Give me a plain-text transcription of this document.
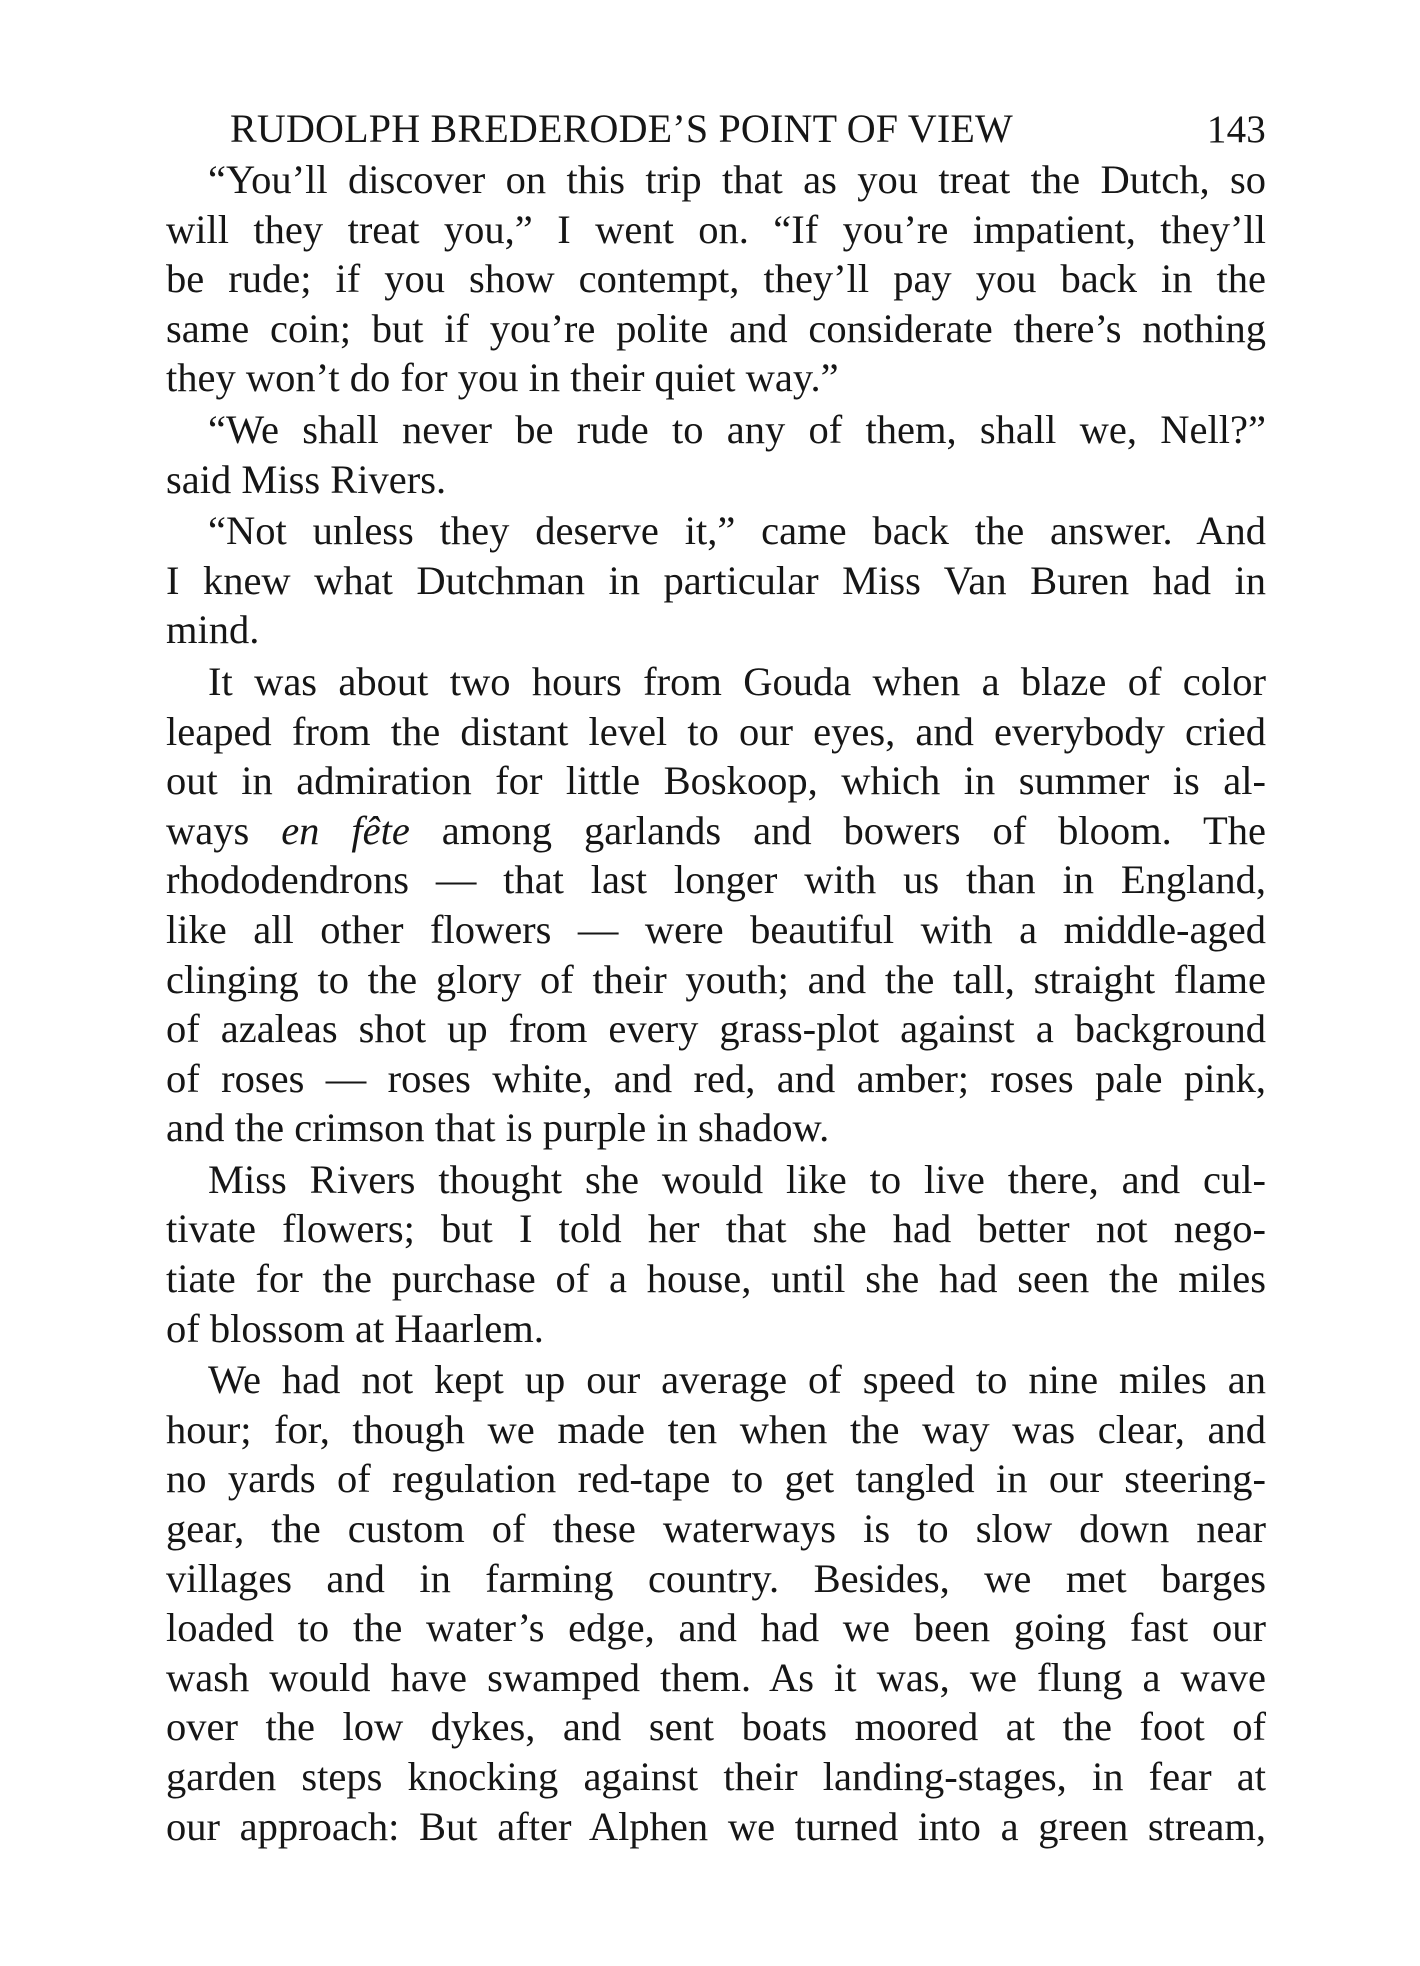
RUDOLPH BREDERODE’S POINT OF VIEW	143
“You’ll discover on this trip that as you treat the Dutch, so
will they treat you,” I went on. “If you’re impatient, they’ll
be rude; if you show contempt, they’ll pay you back in the
same coin; but if you’re polite and considerate there’s nothing
they won’t do for you in their quiet way.”
“We shall never be rude to any of them, shall we, Nell?”
said Miss Rivers.
“Not unless they deserve it,” came back the answer. And
I knew what Dutchman in particular Miss Van Buren had in
mind.
It was about two hours from Gouda when a blaze of color
leaped from the distant level to our eyes, and everybody cried
out in admiration for little Boskoop, which in summer is al-
ways en fête among garlands and bowers of bloom. The
rhododendrons — that last longer with us than in England,
like all other flowers — were beautiful with a middle-aged
clinging to the glory of their youth; and the tall, straight flame
of azaleas shot up from every grass-plot against a background
of roses — roses white, and red, and amber; roses pale pink,
and the crimson that is purple in shadow.
Miss Rivers thought she would like to live there, and cul-
tivate flowers; but I told her that she had better not nego-
tiate for the purchase of a house, until she had seen the miles
of blossom at Haarlem.
We had not kept up our average of speed to nine miles an
hour; for, though we made ten when the way was clear, and
no yards of regulation red-tape to get tangled in our steering-
gear, the custom of these waterways is to slow down near
villages and in farming country. Besides, we met barges
loaded to the water’s edge, and had we been going fast our
wash would have swamped them. As it was, we flung a wave
over the low dykes, and sent boats moored at the foot of
garden steps knocking against their landing-stages, in fear at
our approach: But after Alphen we turned into a green stream,
